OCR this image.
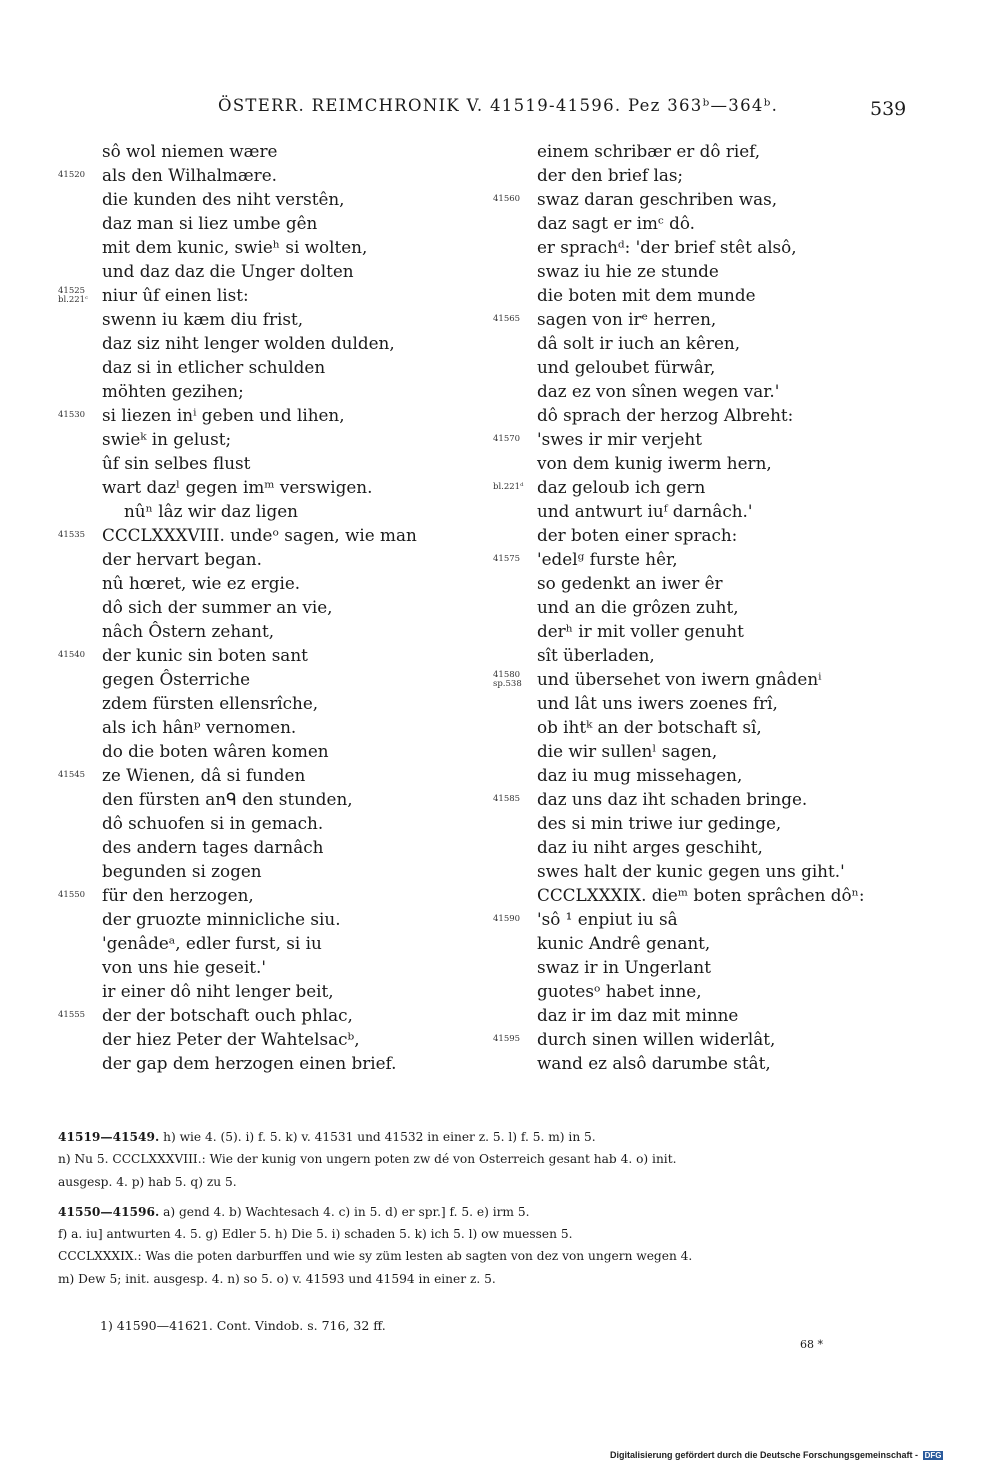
ÖSTERR. REIMCHRONIK V. 41519-41596. Pez 363ᵇ—364ᵇ.	539
sô wol niemen wære
41520	als den Wilhalmære.
die kunden des niht verstên,
daz man si liez umbe gên
mit dem kunic, swieʰ si wolten,
und daz daz die Unger dolten
41525
bl.221ᶜ niur ûf einen list:
swenn iu kæm diu frist,
daz siz niht lenger wolden dulden,
daz si in etlicher schulden
möhten gezihen;
41530	si liezen inⁱ geben und lihen,
swieᵏ in gelust;
ûf sin selbes flust
wart dazˡ gegen imᵐ verswigen.
nûⁿ lâz wir daz ligen
41535	CCCLXXXVIII. undeᵒ sagen, wie man
der hervart began.
nû hœret, wie ez ergie.
dô sich der summer an vie,
nâch Ôstern zehant,
41540	der kunic sin boten sant
gegen Ôsterriche
zdem fürsten ellensrîche,
als ich hânᵖ vernomen.
do die boten wâren komen
41545	ze Wienen, dâ si funden
den fürsten anᑫ den stunden,
dô schuofen si in gemach.
des andern tages darnâch
begunden si zogen
41550	für den herzogen,
der gruozte minnicliche siu.
'genâdeᵃ, edler furst, si iu
von uns hie geseit.'
ir einer dô niht lenger beit,
41555	der der botschaft ouch phlac,
der hiez Peter der Wahtelsacᵇ,
der gap dem herzogen einen brief.
einem schribær er dô rief,
der den brief las;
41560	swaz daran geschriben was,
daz sagt er imᶜ dô.
er sprachᵈ: 'der brief stêt alsô,
swaz iu hie ze stunde
die boten mit dem munde
41565	sagen von irᵉ herren,
dâ solt ir iuch an kêren,
und geloubet fürwâr,
daz ez von sînen wegen var.'
dô sprach der herzog Albreht:
41570	'swes ir mir verjeht
von dem kunig iwerm hern,
bl.221ᵈ daz geloub ich gern
und antwurt iuᶠ darnâch.'
der boten einer sprach:
41575	'edelᵍ furste hêr,
so gedenkt an iwer êr
und an die grôzen zuht,
derʰ ir mit voller genuht
sît überladen,
41580
sp.538 und übersehet von iwern gnâdenⁱ
und lât uns iwers zoenes frî,
ob ihtᵏ an der botschaft sî,
die wir sullenˡ sagen,
daz iu mug missehagen,
41585	daz uns daz iht schaden bringe.
des si min triwe iur gedinge,
daz iu niht arges geschiht,
swes halt der kunic gegen uns giht.'
CCCLXXXIX. dieᵐ boten sprâchen dôⁿ:
41590	'sô ¹ enpiut iu sâ
kunic Andrê genant,
swaz ir in Ungerlant
guotesᵒ habet inne,
daz ir im daz mit minne
41595	durch sinen willen widerlât,
wand ez alsô darumbe stât,

41519—41549. h) wie 4. (5). i) f. 5. k) v. 41531 und 41532 in einer z. 5. l) f. 5. m) in 5.

n) Nu 5. CCCLXXXVIII.: Wie der kunig von ungern poten zw dé von Osterreich gesant hab 4. o) init.

ausgesp. 4. p) hab 5. q) zu 5.

41550—41596. a) gend 4. b) Wachtesach 4. c) in 5. d) er spr.] f. 5. e) irm 5.

f) a. iu] antwurten 4. 5. g) Edler 5. h) Die 5. i) schaden 5. k) ich 5. l) ow muessen 5.

CCCLXXXIX.: Was die poten darburffen und wie sy züm lesten ab sagten von dez von ungern wegen 4.

m) Dew 5; init. ausgesp. 4. n) so 5. o) v. 41593 und 41594 in einer z. 5.

1) 41590—41621. Cont. Vindob. s. 716, 32 ff.
68 *
Digitalisierung gefördert durch die Deutsche Forschungsgemeinschaft - DFG
